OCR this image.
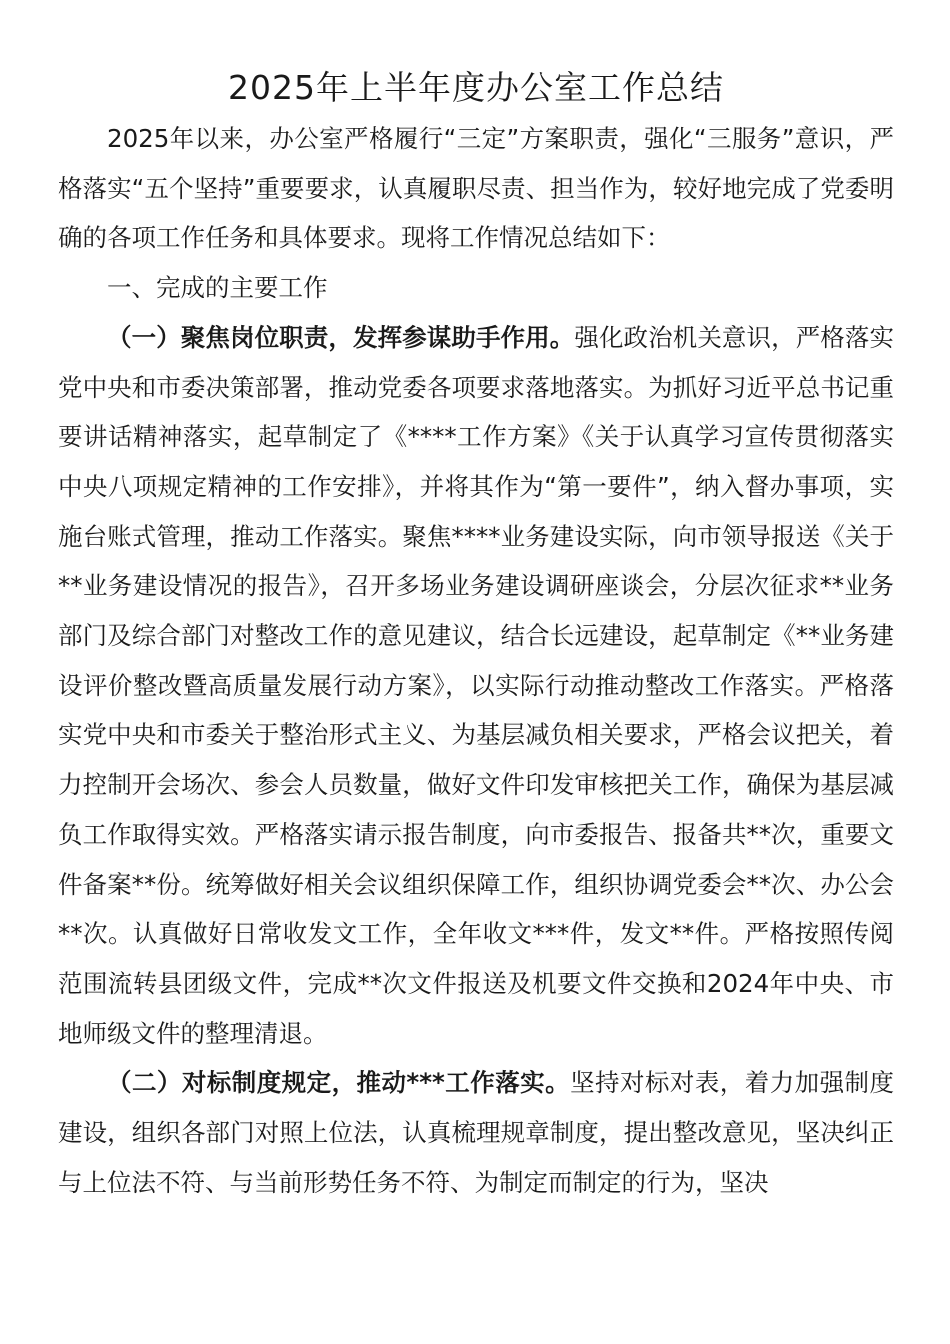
2025年上半年度办公室工作总结

2025年以来，办公室严格履行“三定”方案职责，强化“三服务”意识，严格落实“五个坚持”重要要求，认真履职尽责、担当作为，较好地完成了党委明确的各项工作任务和具体要求。现将工作情况总结如下：

一、完成的主要工作

（一）聚焦岗位职责，发挥参谋助手作用。强化政治机关意识，严格落实党中央和市委决策部署，推动党委各项要求落地落实。为抓好习近平总书记重要讲话精神落实，起草制定了《****工作方案》《关于认真学习宣传贯彻落实中央八项规定精神的工作安排》，并将其作为“第一要件”，纳入督办事项，实施台账式管理，推动工作落实。聚焦****业务建设实际，向市领导报送《关于**业务建设情况的报告》，召开多场业务建设调研座谈会，分层次征求**业务部门及综合部门对整改工作的意见建议，结合长远建设，起草制定《**业务建设评价整改暨高质量发展行动方案》，以实际行动推动整改工作落实。严格落实党中央和市委关于整治形式主义、为基层减负相关要求，严格会议把关，着力控制开会场次、参会人员数量，做好文件印发审核把关工作，确保为基层减负工作取得实效。严格落实请示报告制度，向市委报告、报备共**次，重要文件备案**份。统筹做好相关会议组织保障工作，组织协调党委会**次、办公会**次。认真做好日常收发文工作，全年收文***件，发文**件。严格按照传阅范围流转县团级文件，完成**次文件报送及机要文件交换和2024年中央、市地师级文件的整理清退。

（二）对标制度规定，推动***工作落实。坚持对标对表，着力加强制度建设，组织各部门对照上位法，认真梳理规章制度，提出整改意见，坚决纠正与上位法不符、与当前形势任务不符、为制定而制定的行为，坚决
